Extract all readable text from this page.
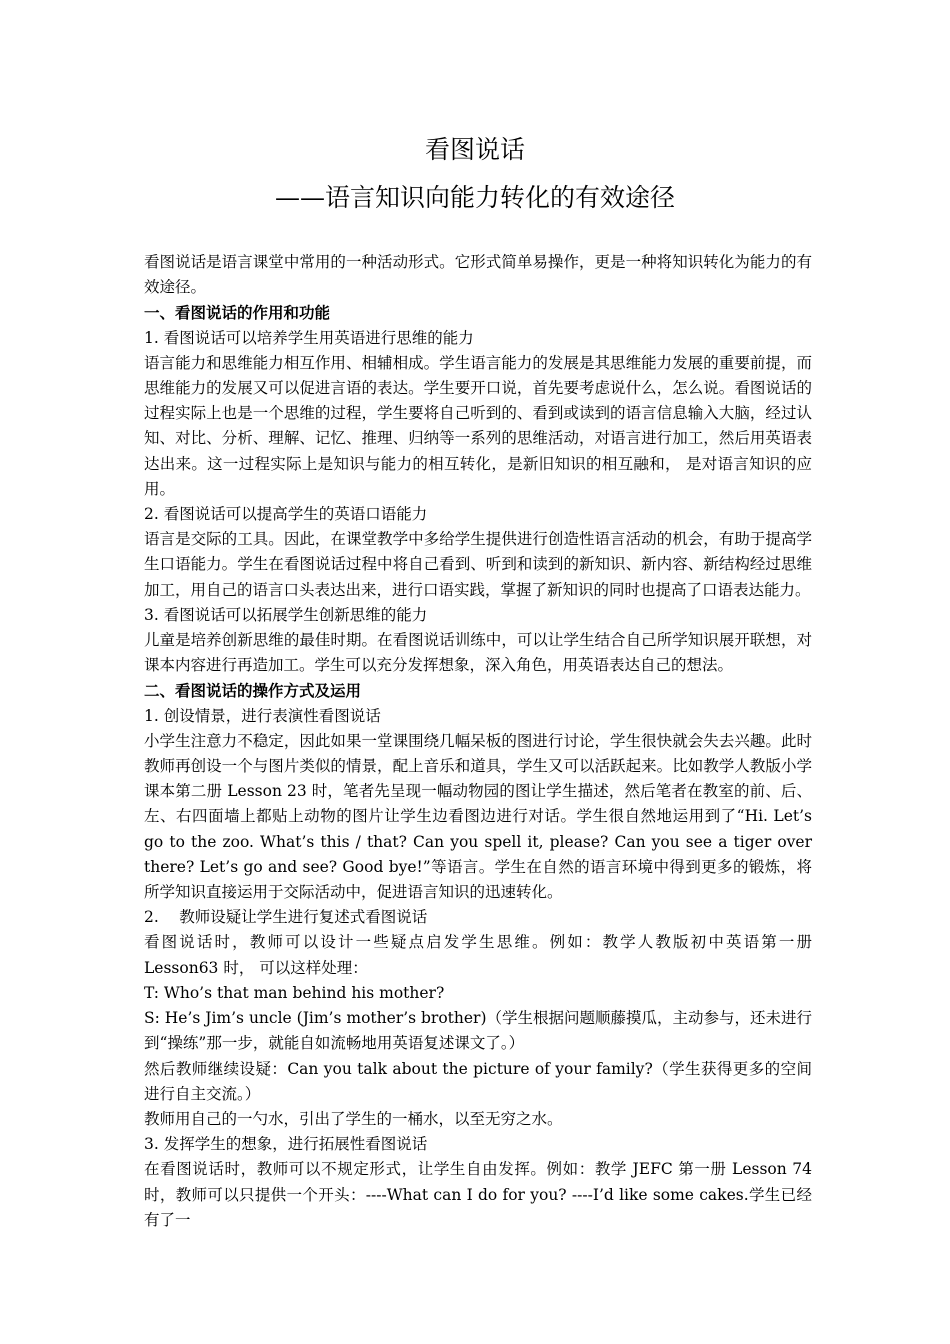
看图说话
——语言知识向能力转化的有效途径

看图说话是语言课堂中常用的一种活动形式。它形式简单易操作，更是一种将知识转化为能力的有效途径。

一、看图说话的作用和功能

1. 看图说话可以培养学生用英语进行思维的能力

语言能力和思维能力相互作用、相辅相成。学生语言能力的发展是其思维能力发展的重要前提，而思维能力的发展又可以促进言语的表达。学生要开口说，首先要考虑说什么，怎么说。看图说话的过程实际上也是一个思维的过程，学生要将自己听到的、看到或读到的语言信息输入大脑，经过认知、对比、分析、理解、记忆、推理、归纳等一系列的思维活动，对语言进行加工，然后用英语表达出来。这一过程实际上是知识与能力的相互转化，是新旧知识的相互融和， 是对语言知识的应用。

2. 看图说话可以提高学生的英语口语能力

语言是交际的工具。因此，在课堂教学中多给学生提供进行创造性语言活动的机会，有助于提高学生口语能力。学生在看图说话过程中将自己看到、听到和读到的新知识、新内容、新结构经过思维加工，用自己的语言口头表达出来，进行口语实践，掌握了新知识的同时也提高了口语表达能力。

3. 看图说话可以拓展学生创新思维的能力

儿童是培养创新思维的最佳时期。在看图说话训练中，可以让学生结合自己所学知识展开联想，对课本内容进行再造加工。学生可以充分发挥想象，深入角色，用英语表达自己的想法。

二、看图说话的操作方式及运用

1. 创设情景，进行表演性看图说话

小学生注意力不稳定，因此如果一堂课围绕几幅呆板的图进行讨论，学生很快就会失去兴趣。此时教师再创设一个与图片类似的情景，配上音乐和道具，学生又可以活跃起来。比如教学人教版小学课本第二册 Lesson 23 时，笔者先呈现一幅动物园的图让学生描述，然后笔者在教室的前、后、左、右四面墙上都贴上动物的图片让学生边看图边进行对话。学生很自然地运用到了“Hi. Let’s go to the zoo. What’s this / that? Can you spell it, please? Can you see a tiger over there? Let’s go and see? Good bye!”等语言。学生在自然的语言环境中得到更多的锻炼，将所学知识直接运用于交际活动中，促进语言知识的迅速转化。

2.　 教师设疑让学生进行复述式看图说话

看图说话时，教师可以设计一些疑点启发学生思维。例如：教学人教版初中英语第一册 Lesson63 时， 可以这样处理：

T: Who’s that man behind his mother?

S: He’s Jim’s uncle (Jim’s mother’s brother)（学生根据问题顺藤摸瓜，主动参与，还未进行到“操练”那一步，就能自如流畅地用英语复述课文了。）

然后教师继续设疑：Can you talk about the picture of your family?（学生获得更多的空间进行自主交流。）

教师用自己的一勺水，引出了学生的一桶水，以至无穷之水。

3. 发挥学生的想象，进行拓展性看图说话

在看图说话时，教师可以不规定形式，让学生自由发挥。例如：教学 JEFC 第一册 Lesson 74 时，教师可以只提供一个开头：----What can I do for you? ----I’d like some cakes.学生已经有了一
